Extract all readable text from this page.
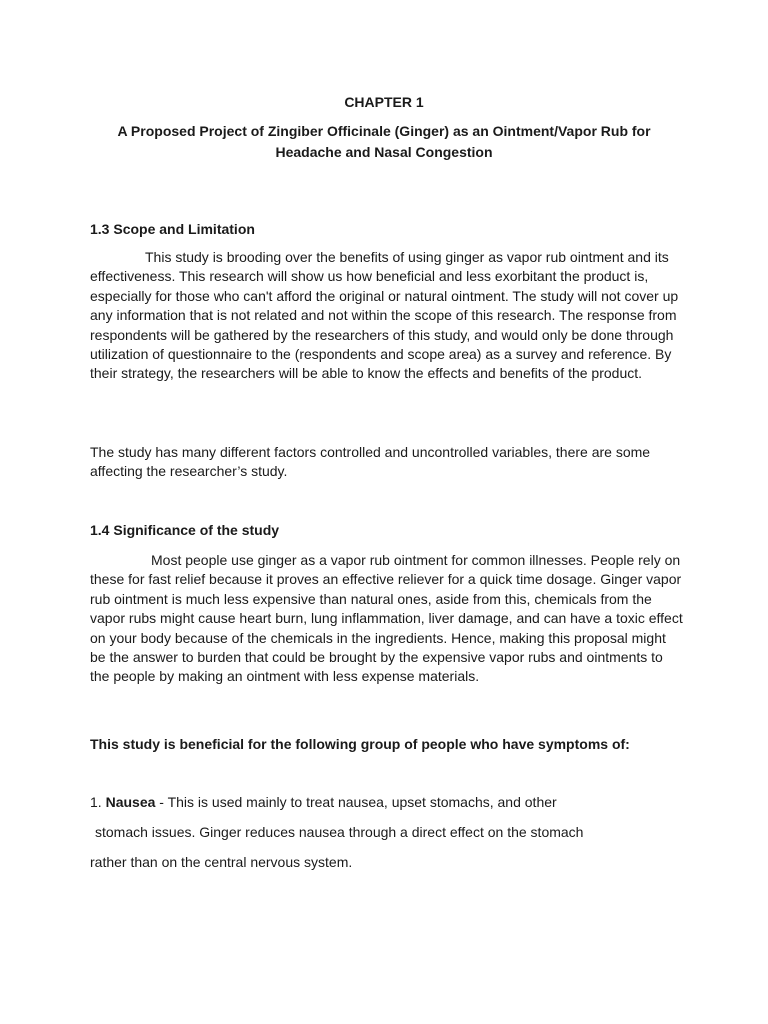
CHAPTER 1
A Proposed Project of Zingiber Officinale (Ginger) as an Ointment/Vapor Rub for Headache and Nasal Congestion
1.3 Scope and Limitation

This study is brooding over the benefits of using ginger as vapor rub ointment and its effectiveness. This research will show us how beneficial and less exorbitant the product is, especially for those who can't afford the original or natural ointment. The study will not cover up any information that is not related and not within the scope of this research. The response from respondents will be gathered by the researchers of this study, and would only be done through utilization of questionnaire to the (respondents and scope area) as a survey and reference. By their strategy, the researchers will be able to know the effects and benefits of the product.

The study has many different factors controlled and uncontrolled variables, there are some affecting the researcher’s study.

1.4 Significance of the study

Most people use ginger as a vapor rub ointment for common illnesses. People rely on these for fast relief because it proves an effective reliever for a quick time dosage. Ginger vapor rub ointment is much less expensive than natural ones, aside from this, chemicals from the vapor rubs might cause heart burn, lung inflammation, liver damage, and can have a toxic effect on your body because of the chemicals in the ingredients. Hence, making this proposal might be the answer to burden that could be brought by the expensive vapor rubs and ointments to the people by making an ointment with less expense materials.

This study is beneficial for the following group of people who have symptoms of:
1. Nausea - This is used mainly to treat nausea, upset stomachs, and other
stomach issues. Ginger reduces nausea through a direct effect on the stomach
rather than on the central nervous system.
